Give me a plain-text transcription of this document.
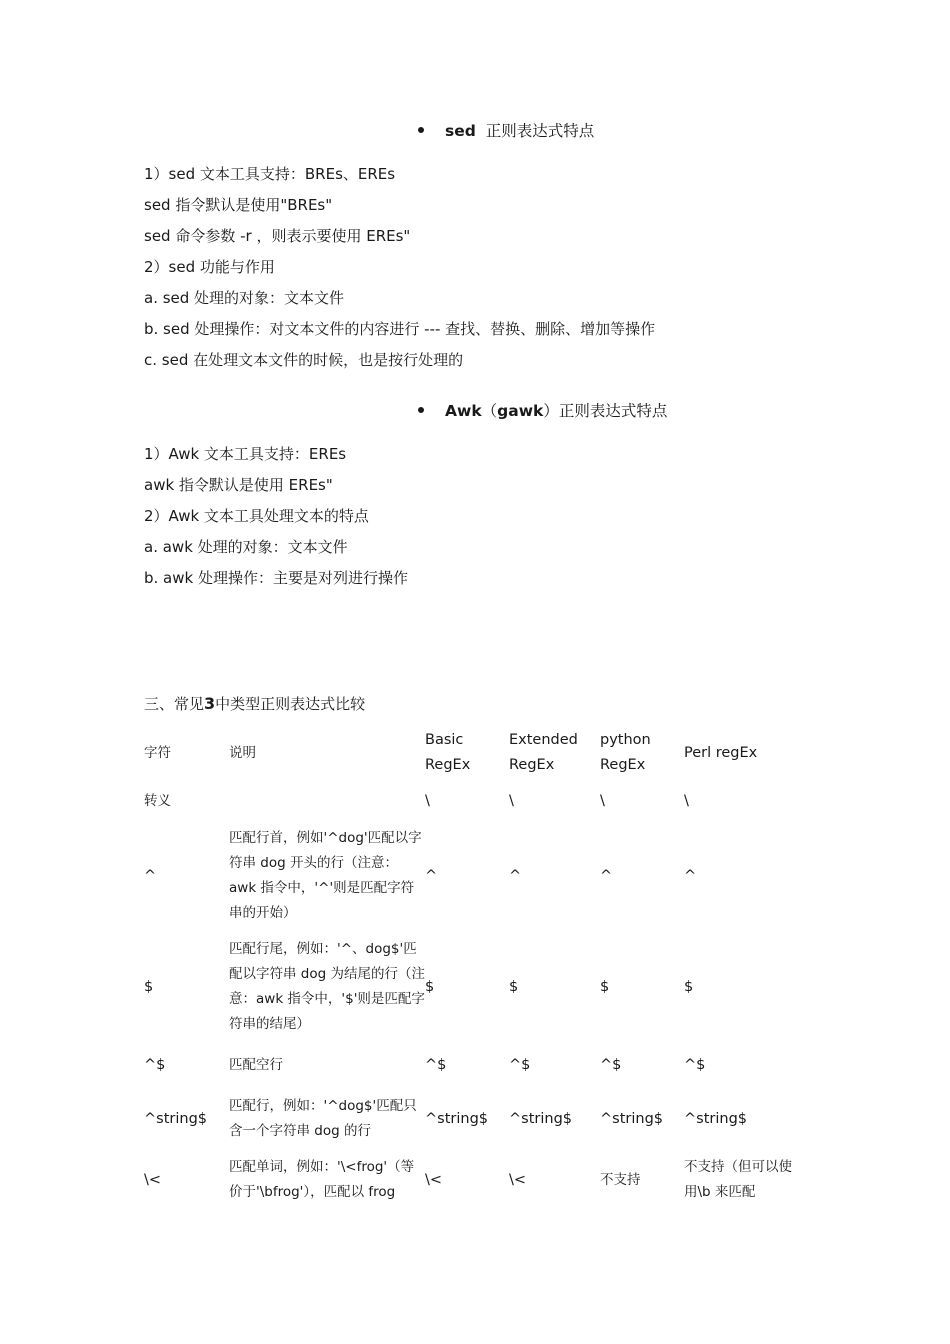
sed 正则表达式特点
1）sed 文本工具支持：BREs、EREs
sed 指令默认是使用"BREs"
sed 命令参数 -r ，则表示要使用 EREs"
2）sed 功能与作用
a. sed 处理的对象：文本文件
b. sed 处理操作：对文本文件的内容进行 --- 查找、替换、删除、增加等操作
c. sed 在处理文本文件的时候，也是按行处理的
Awk（gawk）正则表达式特点
1）Awk 文本工具支持：EREs
awk 指令默认是使用 EREs"
2）Awk 文本工具处理文本的特点
a. awk 处理的对象：文本文件
b. awk 处理操作：主要是对列进行操作
三、常见3中类型正则表达式比较
字符	说明	Basic RegEx	Extended RegEx	python RegEx	Perl regEx
转义		\	\	\	\
^	匹配行首，例如'^dog'匹配以字符串 dog 开头的行（注意：awk 指令中，'^'则是匹配字符串的开始）	^	^	^	^
$	匹配行尾，例如：'^、dog$'匹配以字符串 dog 为结尾的行（注意：awk 指令中，'$'则是匹配字符串的结尾）	$	$	$	$
^$	匹配空行	^$	^$	^$	^$
^string$	匹配行，例如：'^dog$'匹配只含一个字符串 dog 的行	^string$	^string$	^string$	^string$
\<	匹配单词，例如：'\<frog'（等价于'\bfrog'），匹配以 frog	\<	\<	不支持	不支持（但可以使用\b 来匹配
